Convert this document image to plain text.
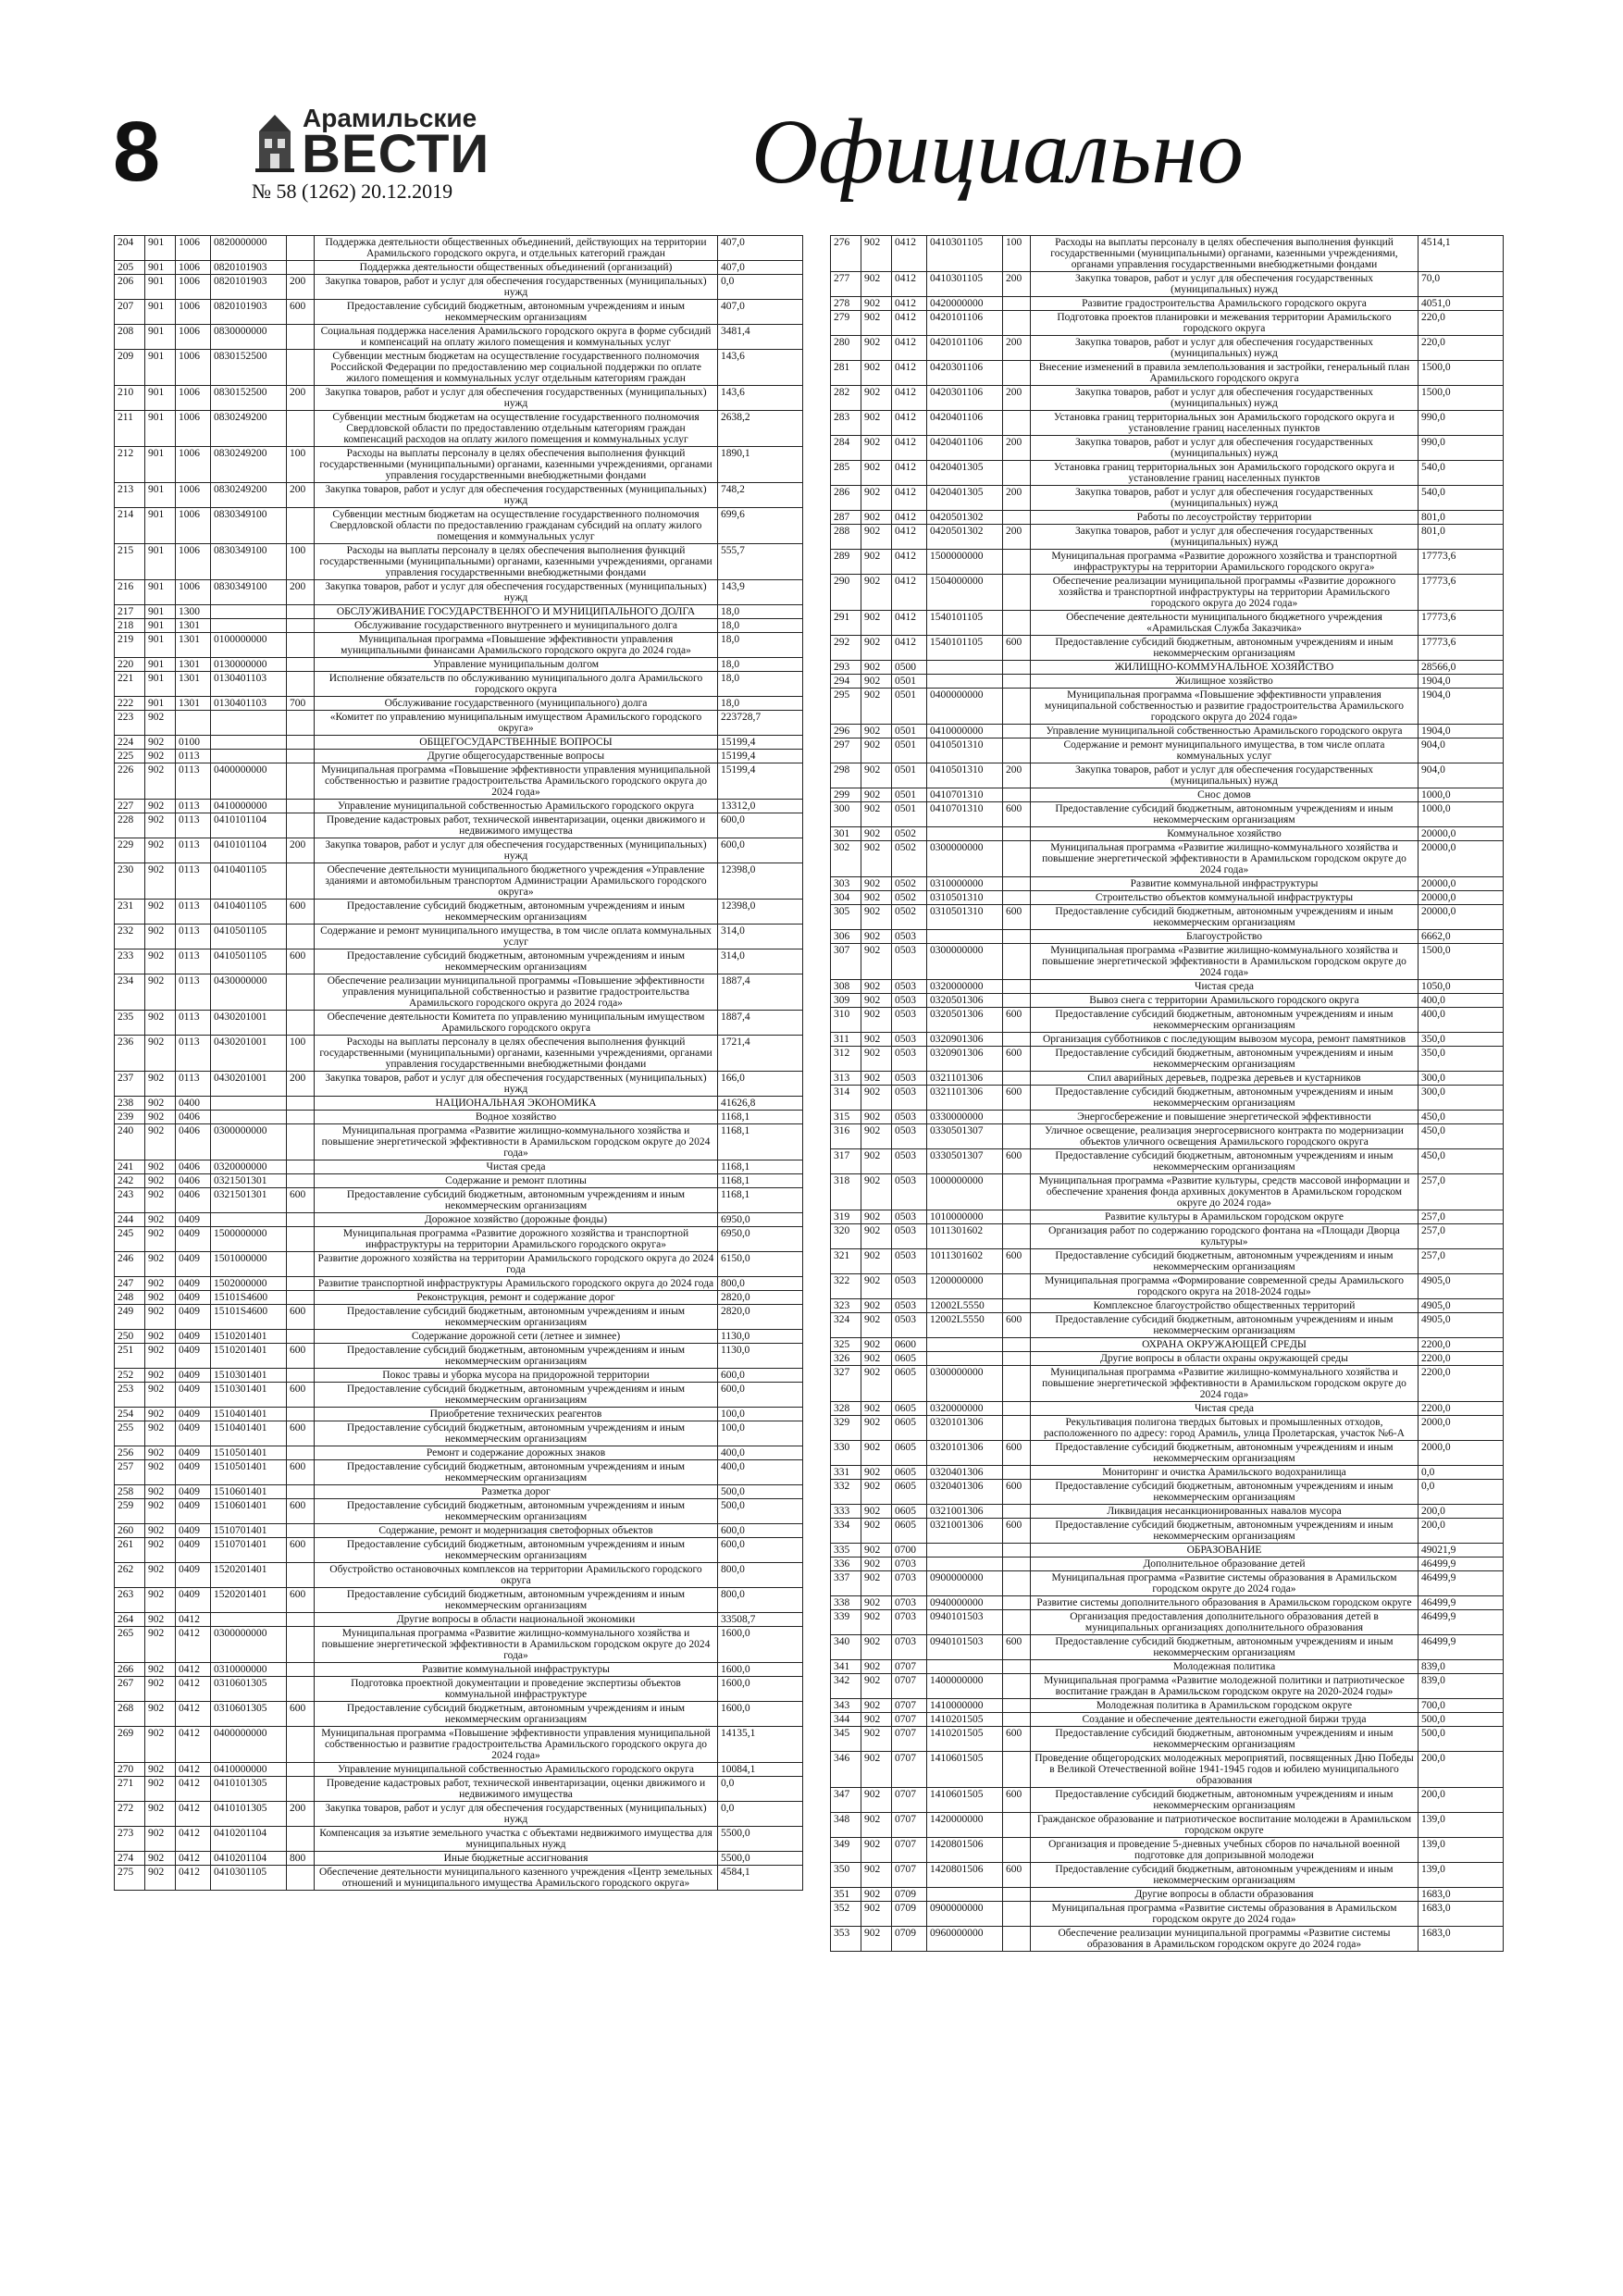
8	Арамильские
ВЕСТИ
№ 58 (1262) 20.12.2019	Официально
204	901	1006	0820000000		Поддержка деятельности общественных объединений, действующих на территории Арамильского городского округа, и отдельных категорий граждан	407,0
205	901	1006	0820101903		Поддержка деятельности общественных объединений (организаций)	407,0
206	901	1006	0820101903	200	Закупка товаров, работ и услуг для обеспечения государственных (муниципальных) нужд	0,0
207	901	1006	0820101903	600	Предоставление субсидий бюджетным, автономным учреждениям и иным некоммерческим организациям	407,0
208	901	1006	0830000000		Социальная поддержка населения Арамильского городского округа в форме субсидий и компенсаций на оплату жилого помещения и коммунальных услуг	3481,4
209	901	1006	0830152500		Субвенции местным бюджетам на осуществление государственного полномочия Российской Федерации по предоставлению мер социальной поддержки по оплате жилого помещения и коммунальных услуг отдельным категориям граждан	143,6
210	901	1006	0830152500	200	Закупка товаров, работ и услуг для обеспечения государственных (муниципальных) нужд	143,6
211	901	1006	0830249200		Субвенции местным бюджетам на осуществление государственного полномочия Свердловской области по предоставлению отдельным категориям граждан компенсаций расходов на оплату жилого помещения и коммунальных услуг	2638,2
212	901	1006	0830249200	100	Расходы на выплаты персоналу в целях обеспечения выполнения функций государственными (муниципальными) органами, казенными учреждениями, органами управления государственными внебюджетными фондами	1890,1
213	901	1006	0830249200	200	Закупка товаров, работ и услуг для обеспечения государственных (муниципальных) нужд	748,2
214	901	1006	0830349100		Субвенции местным бюджетам на осуществление государственного полномочия Свердловской области по предоставлению гражданам субсидий на оплату жилого помещения и коммунальных услуг	699,6
215	901	1006	0830349100	100	Расходы на выплаты персоналу в целях обеспечения выполнения функций государственными (муниципальными) органами, казенными учреждениями, органами управления государственными внебюджетными фондами	555,7
216	901	1006	0830349100	200	Закупка товаров, работ и услуг для обеспечения государственных (муниципальных) нужд	143,9
217	901	1300			ОБСЛУЖИВАНИЕ ГОСУДАРСТВЕННОГО И МУНИЦИПАЛЬНОГО ДОЛГА	18,0
218	901	1301			Обслуживание государственного внутреннего и муниципального долга	18,0
219	901	1301	0100000000		Муниципальная программа «Повышение эффективности управления муниципальными финансами Арамильского городского округа до 2024 года»	18,0
220	901	1301	0130000000		Управление муниципальным долгом	18,0
221	901	1301	0130401103		Исполнение обязательств по обслуживанию муниципального долга Арамильского городского округа	18,0
222	901	1301	0130401103	700	Обслуживание государственного (муниципального) долга	18,0
223	902				«Комитет по управлению муниципальным имуществом Арамильского городского округа»	223728,7
224	902	0100			ОБЩЕГОСУДАРСТВЕННЫЕ ВОПРОСЫ	15199,4
225	902	0113			Другие общегосударственные вопросы	15199,4
226	902	0113	0400000000		Муниципальная программа «Повышение эффективности управления муниципальной собственностью и развитие градостроительства Арамильского городского округа до 2024 года»	15199,4
227	902	0113	0410000000		Управление муниципальной собственностью Арамильского городского округа	13312,0
228	902	0113	0410101104		Проведение кадастровых работ, технической инвентаризации, оценки движимого и недвижимого имущества	600,0
229	902	0113	0410101104	200	Закупка товаров, работ и услуг для обеспечения государственных (муниципальных) нужд	600,0
230	902	0113	0410401105		Обеспечение деятельности муниципального бюджетного учреждения «Управление зданиями и автомобильным транспортом Администрации Арамильского городского округа»	12398,0
231	902	0113	0410401105	600	Предоставление субсидий бюджетным, автономным учреждениям и иным некоммерческим организациям	12398,0
232	902	0113	0410501105		Содержание и ремонт муниципального имущества, в том числе оплата коммунальных услуг	314,0
233	902	0113	0410501105	600	Предоставление субсидий бюджетным, автономным учреждениям и иным некоммерческим организациям	314,0
234	902	0113	0430000000		Обеспечение реализации муниципальной программы «Повышение эффективности управления муниципальной собственностью и развитие градостроительства Арамильского городского округа до 2024 года»	1887,4
235	902	0113	0430201001		Обеспечение деятельности Комитета по управлению муниципальным имуществом Арамильского городского округа	1887,4
236	902	0113	0430201001	100	Расходы на выплаты персоналу в целях обеспечения выполнения функций государственными (муниципальными) органами, казенными учреждениями, органами управления государственными внебюджетными фондами	1721,4
237	902	0113	0430201001	200	Закупка товаров, работ и услуг для обеспечения государственных (муниципальных) нужд	166,0
238	902	0400			НАЦИОНАЛЬНАЯ ЭКОНОМИКА	41626,8
239	902	0406			Водное хозяйство	1168,1
240	902	0406	0300000000		Муниципальная программа «Развитие жилищно-коммунального хозяйства и повышение энергетической эффективности в Арамильском городском округе до 2024 года»	1168,1
241	902	0406	0320000000		Чистая среда	1168,1
242	902	0406	0321501301		Содержание и ремонт плотины	1168,1
243	902	0406	0321501301	600	Предоставление субсидий бюджетным, автономным учреждениям и иным некоммерческим организациям	1168,1
244	902	0409			Дорожное хозяйство (дорожные фонды)	6950,0
245	902	0409	1500000000		Муниципальная программа «Развитие дорожного хозяйства и транспортной инфраструктуры на территории Арамильского городского округа»	6950,0
246	902	0409	1501000000		Развитие дорожного хозяйства на территории Арамильского городского округа до 2024 года	6150,0
247	902	0409	1502000000		Развитие транспортной инфраструктуры Арамильского городского округа до 2024 года	800,0
248	902	0409	15101S4600		Реконструкция, ремонт и содержание дорог	2820,0
249	902	0409	15101S4600	600	Предоставление субсидий бюджетным, автономным учреждениям и иным некоммерческим организациям	2820,0
250	902	0409	1510201401		Содержание дорожной сети (летнее и зимнее)	1130,0
251	902	0409	1510201401	600	Предоставление субсидий бюджетным, автономным учреждениям и иным некоммерческим организациям	1130,0
252	902	0409	1510301401		Покос травы и уборка мусора на придорожной территории	600,0
253	902	0409	1510301401	600	Предоставление субсидий бюджетным, автономным учреждениям и иным некоммерческим организациям	600,0
254	902	0409	1510401401		Приобретение технических реагентов	100,0
255	902	0409	1510401401	600	Предоставление субсидий бюджетным, автономным учреждениям и иным некоммерческим организациям	100,0
256	902	0409	1510501401		Ремонт и содержание дорожных знаков	400,0
257	902	0409	1510501401	600	Предоставление субсидий бюджетным, автономным учреждениям и иным некоммерческим организациям	400,0
258	902	0409	1510601401		Разметка дорог	500,0
259	902	0409	1510601401	600	Предоставление субсидий бюджетным, автономным учреждениям и иным некоммерческим организациям	500,0
260	902	0409	1510701401		Содержание, ремонт и модернизация светофорных объектов	600,0
261	902	0409	1510701401	600	Предоставление субсидий бюджетным, автономным учреждениям и иным некоммерческим организациям	600,0
262	902	0409	1520201401		Обустройство остановочных комплексов на территории Арамильского городского округа	800,0
263	902	0409	1520201401	600	Предоставление субсидий бюджетным, автономным учреждениям и иным некоммерческим организациям	800,0
264	902	0412			Другие вопросы в области национальной экономики	33508,7
265	902	0412	0300000000		Муниципальная программа «Развитие жилищно-коммунального хозяйства и повышение энергетической эффективности в Арамильском городском округе до 2024 года»	1600,0
266	902	0412	0310000000		Развитие коммунальной инфраструктуры	1600,0
267	902	0412	0310601305		Подготовка проектной документации и проведение экспертизы объектов коммунальной инфраструктуре	1600,0
268	902	0412	0310601305	600	Предоставление субсидий бюджетным, автономным учреждениям и иным некоммерческим организациям	1600,0
269	902	0412	0400000000		Муниципальная программа «Повышение эффективности управления муниципальной собственностью и развитие градостроительства Арамильского городского округа до 2024 года»	14135,1
270	902	0412	0410000000		Управление муниципальной собственностью Арамильского городского округа	10084,1
271	902	0412	0410101305		Проведение кадастровых работ, технической инвентаризации, оценки движимого и недвижимого имущества	0,0
272	902	0412	0410101305	200	Закупка товаров, работ и услуг для обеспечения государственных (муниципальных) нужд	0,0
273	902	0412	0410201104		Компенсация за изъятие земельного участка с объектами недвижимого имущества для муниципальных нужд	5500,0
274	902	0412	0410201104	800	Иные бюджетные ассигнования	5500,0
275	902	0412	0410301105		Обеспечение деятельности муниципального казенного учреждения «Центр земельных отношений и муниципального имущества Арамильского городского округа»	4584,1
276	902	0412	0410301105	100	Расходы на выплаты персоналу в целях обеспечения выполнения функций государственными (муниципальными) органами, казенными учреждениями, органами управления государственными внебюджетными фондами	4514,1
277	902	0412	0410301105	200	Закупка товаров, работ и услуг для обеспечения государственных (муниципальных) нужд	70,0
278	902	0412	0420000000		Развитие градостроительства Арамильского городского округа	4051,0
279	902	0412	0420101106		Подготовка проектов планировки и межевания территории Арамильского городского округа	220,0
280	902	0412	0420101106	200	Закупка товаров, работ и услуг для обеспечения государственных (муниципальных) нужд	220,0
281	902	0412	0420301106		Внесение изменений в правила землепользования и застройки, генеральный план Арамильского городского округа	1500,0
282	902	0412	0420301106	200	Закупка товаров, работ и услуг для обеспечения государственных (муниципальных) нужд	1500,0
283	902	0412	0420401106		Установка границ территориальных зон Арамильского городского округа и установление границ населенных пунктов	990,0
284	902	0412	0420401106	200	Закупка товаров, работ и услуг для обеспечения государственных (муниципальных) нужд	990,0
285	902	0412	0420401305		Установка границ территориальных зон Арамильского городского округа и установление границ населенных пунктов	540,0
286	902	0412	0420401305	200	Закупка товаров, работ и услуг для обеспечения государственных (муниципальных) нужд	540,0
287	902	0412	0420501302		Работы по лесоустройству территории	801,0
288	902	0412	0420501302	200	Закупка товаров, работ и услуг для обеспечения государственных (муниципальных) нужд	801,0
289	902	0412	1500000000		Муниципальная программа «Развитие дорожного хозяйства и транспортной инфраструктуры на территории Арамильского городского округа»	17773,6
290	902	0412	1504000000		Обеспечение реализации муниципальной программы «Развитие дорожного хозяйства и транспортной инфраструктуры на территории Арамильского городского округа до 2024 года»	17773,6
291	902	0412	1540101105		Обеспечение деятельности муниципального бюджетного учреждения «Арамильская Служба Заказчика»	17773,6
292	902	0412	1540101105	600	Предоставление субсидий бюджетным, автономным учреждениям и иным некоммерческим организациям	17773,6
293	902	0500			ЖИЛИЩНО-КОММУНАЛЬНОЕ ХОЗЯЙСТВО	28566,0
294	902	0501			Жилищное хозяйство	1904,0
295	902	0501	0400000000		Муниципальная программа «Повышение эффективности управления муниципальной собственностью и развитие градостроительства Арамильского городского округа до 2024 года»	1904,0
296	902	0501	0410000000		Управление муниципальной собственностью Арамильского городского округа	1904,0
297	902	0501	0410501310		Содержание и ремонт муниципального имущества, в том числе оплата коммунальных услуг	904,0
298	902	0501	0410501310	200	Закупка товаров, работ и услуг для обеспечения государственных (муниципальных) нужд	904,0
299	902	0501	0410701310		Снос домов	1000,0
300	902	0501	0410701310	600	Предоставление субсидий бюджетным, автономным учреждениям и иным некоммерческим организациям	1000,0
301	902	0502			Коммунальное хозяйство	20000,0
302	902	0502	0300000000		Муниципальная программа «Развитие жилищно-коммунального хозяйства и повышение энергетической эффективности в Арамильском городском округе до 2024 года»	20000,0
303	902	0502	0310000000		Развитие коммунальной инфраструктуры	20000,0
304	902	0502	0310501310		Строительство объектов коммунальной инфраструктуры	20000,0
305	902	0502	0310501310	600	Предоставление субсидий бюджетным, автономным учреждениям и иным некоммерческим организациям	20000,0
306	902	0503			Благоустройство	6662,0
307	902	0503	0300000000		Муниципальная программа «Развитие жилищно-коммунального хозяйства и повышение энергетической эффективности в Арамильском городском округе до 2024 года»	1500,0
308	902	0503	0320000000		Чистая среда	1050,0
309	902	0503	0320501306		Вывоз снега с территории Арамильского городского округа	400,0
310	902	0503	0320501306	600	Предоставление субсидий бюджетным, автономным учреждениям и иным некоммерческим организациям	400,0
311	902	0503	0320901306		Организация субботников с последующим вывозом мусора, ремонт памятников	350,0
312	902	0503	0320901306	600	Предоставление субсидий бюджетным, автономным учреждениям и иным некоммерческим организациям	350,0
313	902	0503	0321101306		Спил аварийных деревьев, подрезка деревьев и кустарников	300,0
314	902	0503	0321101306	600	Предоставление субсидий бюджетным, автономным учреждениям и иным некоммерческим организациям	300,0
315	902	0503	0330000000		Энергосбережение и повышение энергетической эффективности	450,0
316	902	0503	0330501307		Уличное освещение, реализация энергосервисного контракта по модернизации объектов уличного освещения Арамильского городского округа	450,0
317	902	0503	0330501307	600	Предоставление субсидий бюджетным, автономным учреждениям и иным некоммерческим организациям	450,0
318	902	0503	1000000000		Муниципальная программа «Развитие культуры, средств массовой информации и обеспечение хранения фонда архивных документов в Арамильском городском округе до 2024 года»	257,0
319	902	0503	1010000000		Развитие культуры в Арамильском городском округе	257,0
320	902	0503	1011301602		Организация работ по содержанию городского фонтана на «Площади Дворца культуры»	257,0
321	902	0503	1011301602	600	Предоставление субсидий бюджетным, автономным учреждениям и иным некоммерческим организациям	257,0
322	902	0503	1200000000		Муниципальная программа «Формирование современной среды Арамильского городского округа на 2018-2024 годы»	4905,0
323	902	0503	12002L5550		Комплексное благоустройство общественных территорий	4905,0
324	902	0503	12002L5550	600	Предоставление субсидий бюджетным, автономным учреждениям и иным некоммерческим организациям	4905,0
325	902	0600			ОХРАНА ОКРУЖАЮЩЕЙ СРЕДЫ	2200,0
326	902	0605			Другие вопросы в области охраны окружающей среды	2200,0
327	902	0605	0300000000		Муниципальная программа «Развитие жилищно-коммунального хозяйства и повышение энергетической эффективности в Арамильском городском округе до 2024 года»	2200,0
328	902	0605	0320000000		Чистая среда	2200,0
329	902	0605	0320101306		Рекультивация полигона твердых бытовых и промышленных отходов, расположенного по адресу: город Арамиль, улица Пролетарская, участок №6-А	2000,0
330	902	0605	0320101306	600	Предоставление субсидий бюджетным, автономным учреждениям и иным некоммерческим организациям	2000,0
331	902	0605	0320401306		Мониторинг и очистка Арамильского водохранилища	0,0
332	902	0605	0320401306	600	Предоставление субсидий бюджетным, автономным учреждениям и иным некоммерческим организациям	0,0
333	902	0605	0321001306		Ликвидация несанкционированных навалов мусора	200,0
334	902	0605	0321001306	600	Предоставление субсидий бюджетным, автономным учреждениям и иным некоммерческим организациям	200,0
335	902	0700			ОБРАЗОВАНИЕ	49021,9
336	902	0703			Дополнительное образование детей	46499,9
337	902	0703	0900000000		Муниципальная программа «Развитие системы образования в Арамильском городском округе до 2024 года»	46499,9
338	902	0703	0940000000		Развитие системы дополнительного образования в Арамильском городском округе	46499,9
339	902	0703	0940101503		Организация предоставления дополнительного образования детей в муниципальных организациях дополнительного образования	46499,9
340	902	0703	0940101503	600	Предоставление субсидий бюджетным, автономным учреждениям и иным некоммерческим организациям	46499,9
341	902	0707			Молодежная политика	839,0
342	902	0707	1400000000		Муниципальная программа «Развитие молодежной политики и патриотическое воспитание граждан в Арамильском городском округе на 2020-2024 годы»	839,0
343	902	0707	1410000000		Молодежная политика в Арамильском городском округе	700,0
344	902	0707	1410201505		Создание и обеспечение деятельности ежегодной биржи труда	500,0
345	902	0707	1410201505	600	Предоставление субсидий бюджетным, автономным учреждениям и иным некоммерческим организациям	500,0
346	902	0707	1410601505		Проведение общегородских молодежных мероприятий, посвященных Дню Победы в Великой Отечественной войне 1941-1945 годов и юбилею муниципального образования	200,0
347	902	0707	1410601505	600	Предоставление субсидий бюджетным, автономным учреждениям и иным некоммерческим организациям	200,0
348	902	0707	1420000000		Гражданское образование и патриотическое воспитание молодежи в Арамильском городском округе	139,0
349	902	0707	1420801506		Организация и проведение 5-дневных учебных сборов по начальной военной подготовке для допризывной молодежи	139,0
350	902	0707	1420801506	600	Предоставление субсидий бюджетным, автономным учреждениям и иным некоммерческим организациям	139,0
351	902	0709			Другие вопросы в области образования	1683,0
352	902	0709	0900000000		Муниципальная программа «Развитие системы образования в Арамильском городском округе до 2024 года»	1683,0
353	902	0709	0960000000		Обеспечение реализации муниципальной программы «Развитие системы образования в Арамильском городском округе до 2024 года»	1683,0
